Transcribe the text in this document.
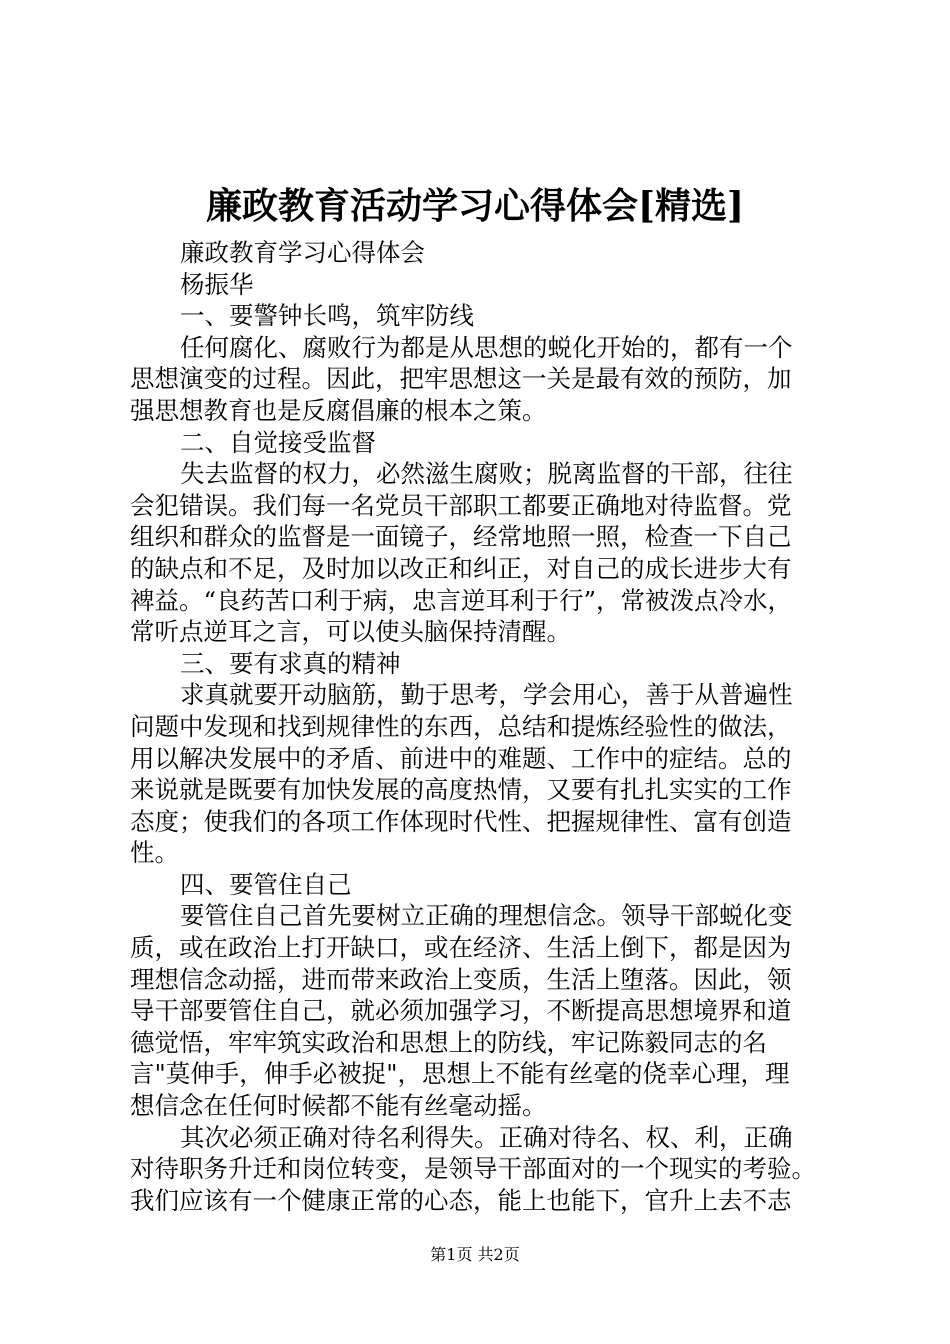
廉政教育活动学习心得体会[精选]

廉政教育学习心得体会

杨振华

一、要警钟长鸣，筑牢防线

任何腐化、腐败行为都是从思想的蜕化开始的，都有一个

思想演变的过程。因此，把牢思想这一关是最有效的预防，加

强思想教育也是反腐倡廉的根本之策。

二、自觉接受监督

失去监督的权力，必然滋生腐败；脱离监督的干部，往往

会犯错误。我们每一名党员干部职工都要正确地对待监督。党

组织和群众的监督是一面镜子，经常地照一照，检查一下自己

的缺点和不足，及时加以改正和纠正，对自己的成长进步大有

裨益。“良药苦口利于病，忠言逆耳利于行”，常被泼点冷水，

常听点逆耳之言，可以使头脑保持清醒。

三、要有求真的精神

求真就要开动脑筋，勤于思考，学会用心，善于从普遍性

问题中发现和找到规律性的东西，总结和提炼经验性的做法，

用以解决发展中的矛盾、前进中的难题、工作中的症结。总的

来说就是既要有加快发展的高度热情，又要有扎扎实实的工作

态度；使我们的各项工作体现时代性、把握规律性、富有创造

性。

四、要管住自己

要管住自己首先要树立正确的理想信念。领导干部蜕化变

质，或在政治上打开缺口，或在经济、生活上倒下，都是因为

理想信念动摇，进而带来政治上变质，生活上堕落。因此，领

导干部要管住自己，就必须加强学习，不断提高思想境界和道

德觉悟，牢牢筑实政治和思想上的防线，牢记陈毅同志的名

言"莫伸手，伸手必被捉"，思想上不能有丝毫的侥幸心理，理

想信念在任何时候都不能有丝毫动摇。

其次必须正确对待名利得失。正确对待名、权、利，正确

对待职务升迁和岗位转变，是领导干部面对的一个现实的考验。

我们应该有一个健康正常的心态，能上也能下，官升上去不志

第1页 共2页
